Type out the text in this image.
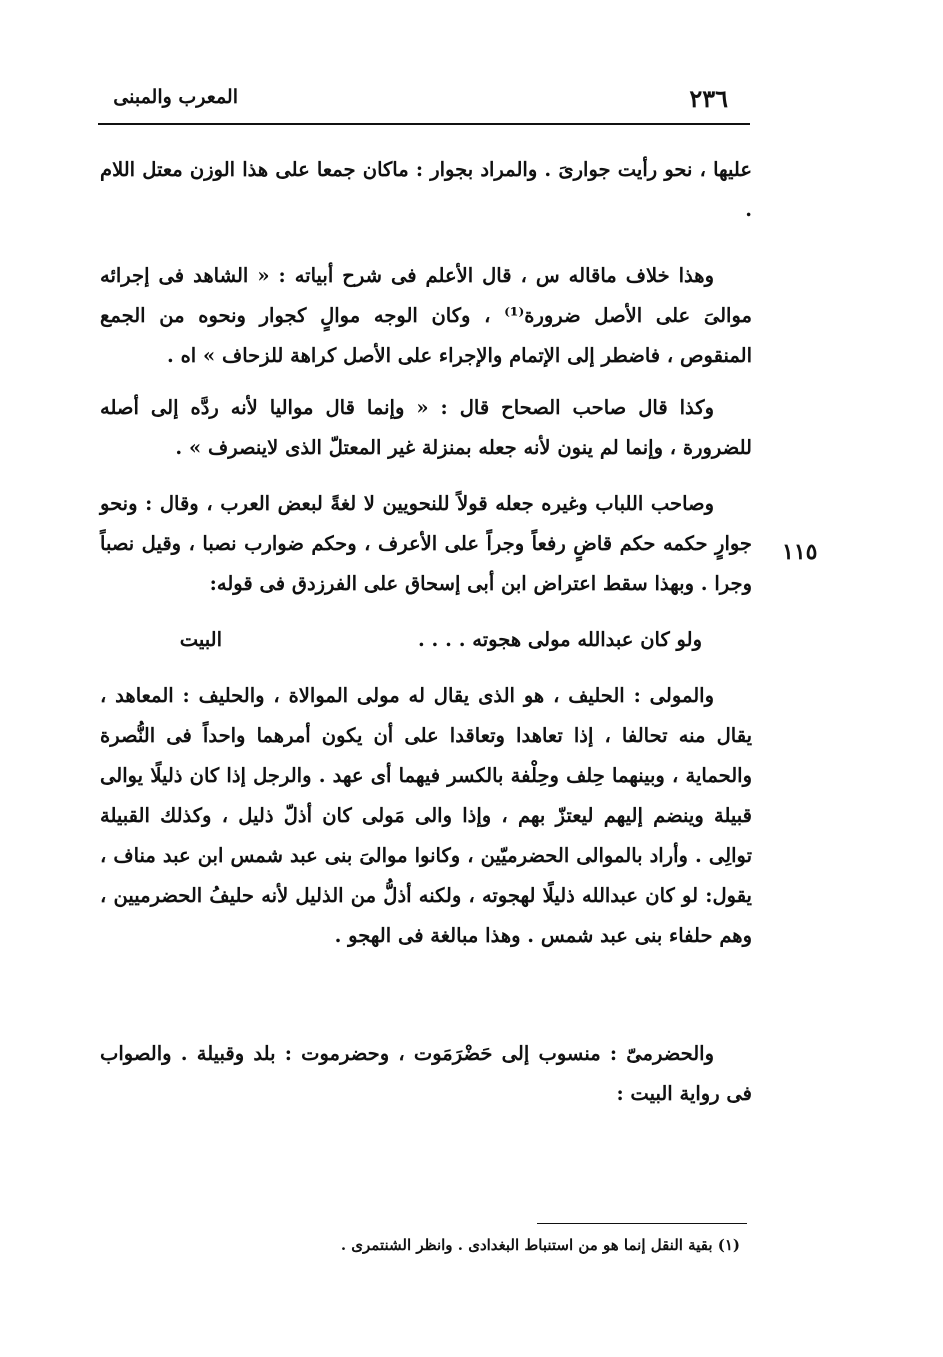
المعرب والمبنى	٢٣٦
١١٥

عليها ، نحو رأيت جوارىَ . والمراد بجوار : ماكان جمعا على هذا الوزن معتل اللام .

وهذا خلاف ماقاله س ، قال الأعلم فى شرح أبياته : « الشاهد فى إجرائه موالىَ على الأصل ضرورة⁽¹⁾ ، وكان الوجه موالٍ كجوار ونحوه من الجمع المنقوص ، فاضطر إلى الإتمام والإجراء على الأصل كراهة للزحاف » اه .

وكذا قال صاحب الصحاح قال : « وإنما قال مواليا لأنه ردَّه إلى أصله للضرورة ، وإنما لم ينون لأنه جعله بمنزلة غير المعتلّ الذى لاينصرف » .

وصاحب اللباب وغيره جعله قولاً للنحويين لا لغةً لبعض العرب ، وقال : ونحو جوارٍ حكمه حكم قاضٍ رفعاً وجراً على الأعرف ، وحكم ضوارب نصبا ، وقيل نصباً وجرا . وبهذا سقط اعتراض ابن أبى إسحاق على الفرزدق فى قوله:

ولو كان عبدالله مولى هجوته . . . .
البيت

والمولى : الحليف ، هو الذى يقال له مولى الموالاة ، والحليف : المعاهد ، يقال منه تحالفا ، إذا تعاهدا وتعاقدا على أن يكون أمرهما واحداً فى النُّصرة والحماية ، وبينهما حِلف وحِلْفة بالكسر فيهما أى عهد . والرجل إذا كان ذليلًا يوالى قبيلة وينضم إليهم ليعتزّ بهم ، وإذا والى مَولى كان أذلّ ذليل ، وكذلك القبيلة توالِى . وأراد بالموالى الحضرميّين ، وكانوا موالىَ بنى عبد شمس ابن عبد مناف ، يقول: لو كان عبدالله ذليلًا لهجوته ، ولكنه أذلُّ من الذليل لأنه حليفُ الحضرميين ، وهم حلفاء بنى عبد شمس . وهذا مبالغة فى الهجو .

والحضرمىّ : منسوب إلى حَضْرَمَوت ، وحضرموت : بلد وقبيلة . والصواب فى رواية البيت :

(١) بقية النقل إنما هو من استنباط البغدادى . وانظر الشنتمرى .
